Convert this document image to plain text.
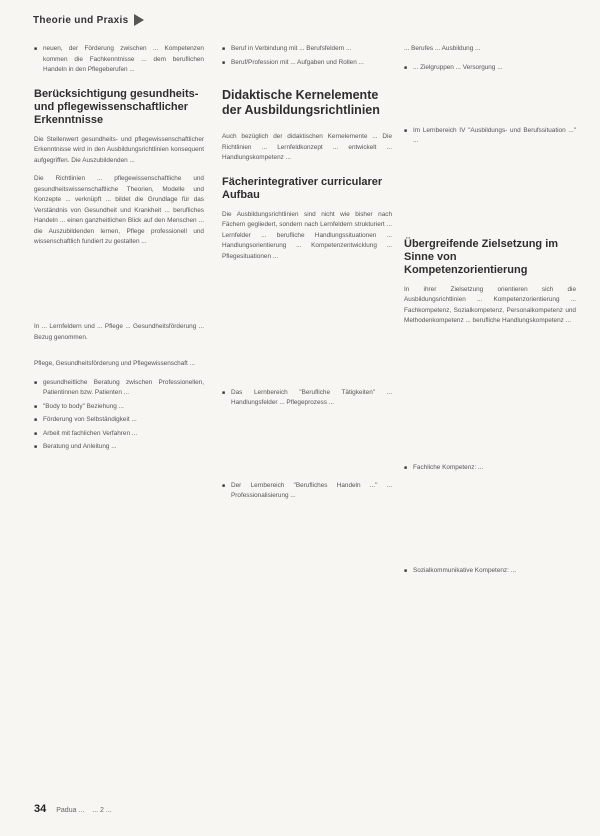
Theorie und Praxis
■ neuen, der Förderung zwischen ... Kompetenzen kommen die Fachkenntnisse ... dem beruflichen Handeln in den Pflegeberufen ...
Berücksichtigung gesundheits- und pflegewissenschaftlicher Erkenntnisse

Die Stellenwert gesundheits- und pflegewissenschaftlicher Erkenntnisse wird in den Ausbildungsrichtlinien konsequent aufgegriffen. Die Auszubildenden ...

Die Richtlinien ... pflegewissenschaftliche und gesundheitswissenschaftliche Theorien, Modelle und Konzepte ... verknüpft ... bildet die Grundlage für das Verständnis von Gesundheit und Krankheit ... berufliches Handeln ... einen ganzheitlichen Blick auf den Menschen ... die Auszubildenden lernen, Pflege professionell und wissenschaftlich fundiert zu gestalten ...

In ... Lernfeldern und ... Pflege ... Gesundheitsförderung ... Bezug genommen.

Pflege, Gesundheitsförderung und Pflegewissenschaft ...

■ gesundheitliche Beratung zwischen Professionellen, Patientinnen bzw. Patienten ...
■ "Body to body" Beziehung ...
■ Förderung von Selbständigkeit ...
■ Arbeit mit fachlichen Verfahren ...
■ Beratung und Anleitung ...
■ Beruf in Verbindung mit ... Berufsfeldern ...
■ Beruf/Profession mit ... Aufgaben und Rollen ...
Didaktische Kernelemente der Ausbildungsrichtlinien

Auch bezüglich der didaktischen Kernelemente ... Die Richtlinien ... Lernfeldkonzept ... entwickelt ... Handlungskompetenz ...

Fächerintegrativer curricularer Aufbau

Die Ausbildungsrichtlinien sind nicht wie bisher nach Fächern gegliedert, sondern nach Lernfeldern strukturiert ... Lernfelder ... berufliche Handlungssituationen ... Handlungsorientierung ... Kompetenzentwicklung ... Pflegesituationen ...

■ Das Lernbereich "Berufliche Tätigkeiten" ... Handlungsfelder ... Pflegeprozess ...
■ Der Lernbereich "Berufliches Handeln ..." ... Professionalisierung ...

... Berufes ... Ausbildung ...

■ ... Zielgruppen ... Versorgung ...
■ Im Lernbereich IV "Ausbildungs- und Berufssituation ..." ...
Übergreifende Zielsetzung im Sinne von Kompetenzorientierung

In ihrer Zielsetzung orientieren sich die Ausbildungsrichtlinien ... Kompetenzorientierung ... Fachkompetenz, Sozialkompetenz, Personalkompetenz und Methodenkompetenz ... berufliche Handlungskompetenz ...

■ Fachliche Kompetenz: ...
■ Sozialkommunikative Kompetenz: ...
34 Padua ... ... 2 ...
